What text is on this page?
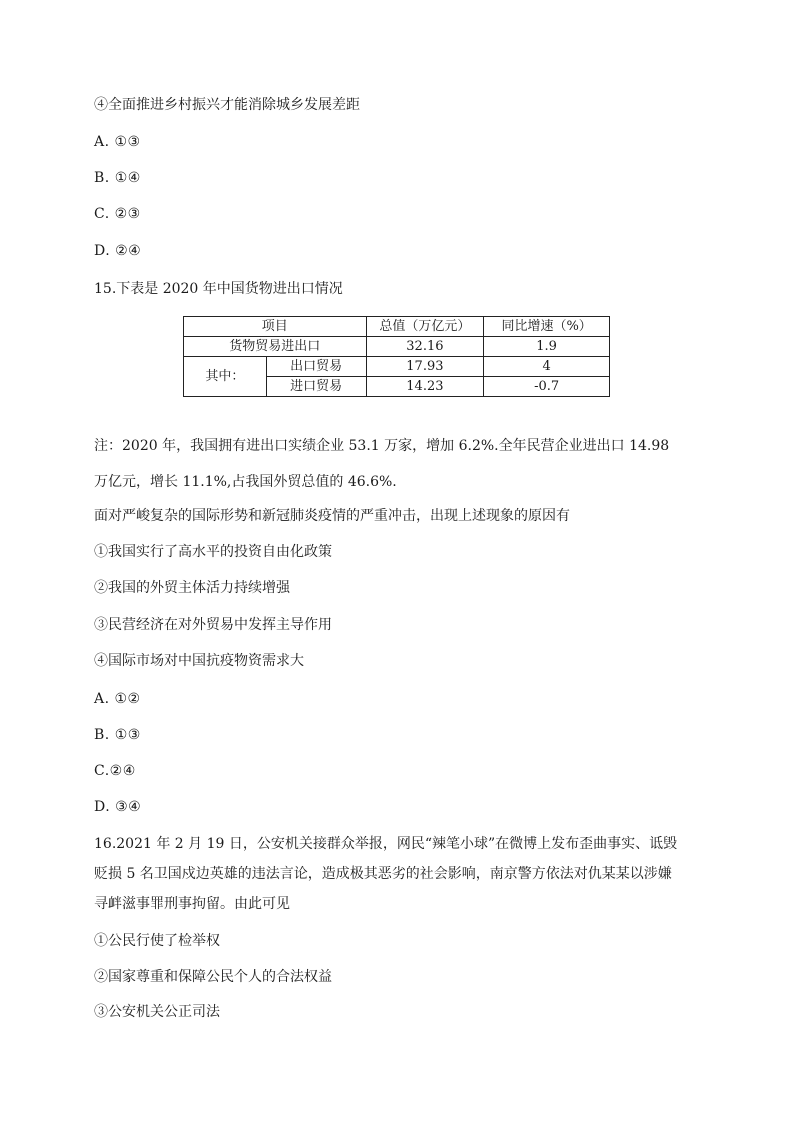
④全面推进乡村振兴才能消除城乡发展差距
A. ①③
B. ①④
C. ②③
D. ②④
15.下表是 2020 年中国货物进出口情况
项目		总值（万亿元）	同比增速（%）
货物贸易进出口		32.16	1.9
其中：	出口贸易	17.93	4
	进口贸易	14.23	-0.7
注：2020 年，我国拥有进出口实绩企业 53.1 万家，增加 6.2%.全年民营企业进出口 14.98
万亿元，增长 11.1%,占我国外贸总值的 46.6%.
面对严峻复杂的国际形势和新冠肺炎疫情的严重冲击，出现上述现象的原因有
①我国实行了高水平的投资自由化政策
②我国的外贸主体活力持续增强
③民营经济在对外贸易中发挥主导作用
④国际市场对中国抗疫物资需求大
A. ①②
B. ①③
C.②④
D. ③④
16.2021 年 2 月 19 日，公安机关接群众举报，网民“辣笔小球”在微博上发布歪曲事实、诋毁
贬损 5 名卫国戍边英雄的违法言论，造成极其恶劣的社会影响，南京警方依法对仇某某以涉嫌
寻衅滋事罪刑事拘留。由此可见
①公民行使了检举权
②国家尊重和保障公民个人的合法权益
③公安机关公正司法
